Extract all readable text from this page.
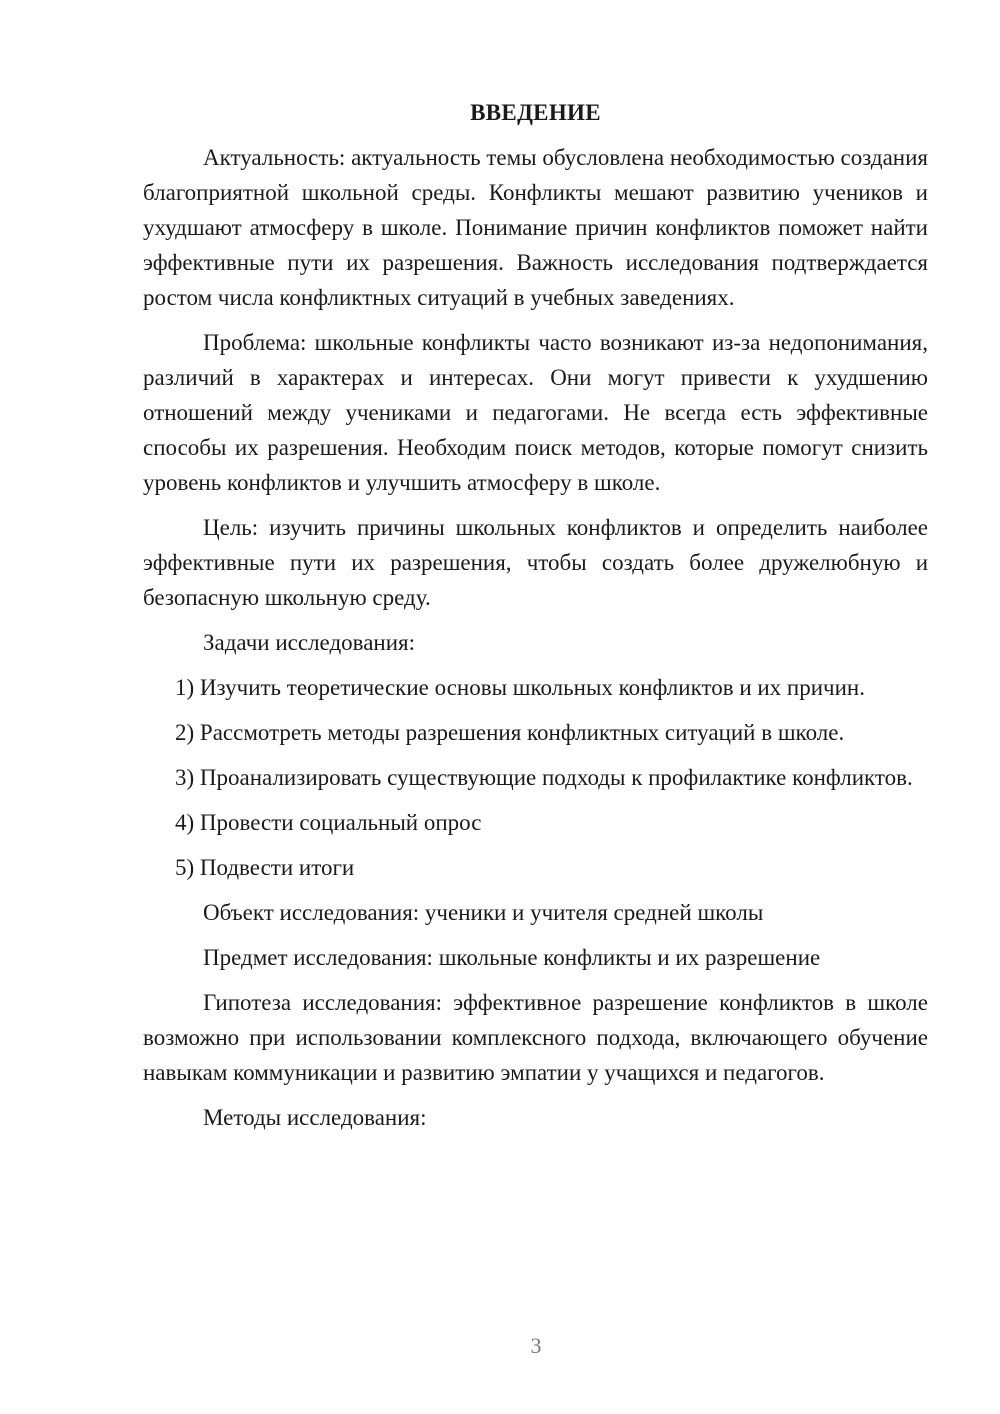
ВВЕДЕНИЕ

Актуальность: актуальность темы обусловлена необходимостью создания благоприятной школьной среды. Конфликты мешают развитию учеников и ухудшают атмосферу в школе. Понимание причин конфликтов поможет найти эффективные пути их разрешения. Важность исследования подтверждается ростом числа конфликтных ситуаций в учебных заведениях.

Проблема: школьные конфликты часто возникают из-за недопонимания, различий в характерах и интересах. Они могут привести к ухудшению отношений между учениками и педагогами. Не всегда есть эффективные способы их разрешения. Необходим поиск методов, которые помогут снизить уровень конфликтов и улучшить атмосферу в школе.

Цель: изучить причины школьных конфликтов и определить наиболее эффективные пути их разрешения, чтобы создать более дружелюбную и безопасную школьную среду.

Задачи исследования:

1) Изучить теоретические основы школьных конфликтов и их причин.

2) Рассмотреть методы разрешения конфликтных ситуаций в школе.

3) Проанализировать существующие подходы к профилактике конфликтов.

4) Провести социальный опрос

5) Подвести итоги

Объект исследования: ученики и учителя средней школы

Предмет исследования: школьные конфликты и их разрешение

Гипотеза исследования: эффективное разрешение конфликтов в школе возможно при использовании комплексного подхода, включающего обучение навыкам коммуникации и развитию эмпатии у учащихся и педагогов.

Методы исследования:

3
